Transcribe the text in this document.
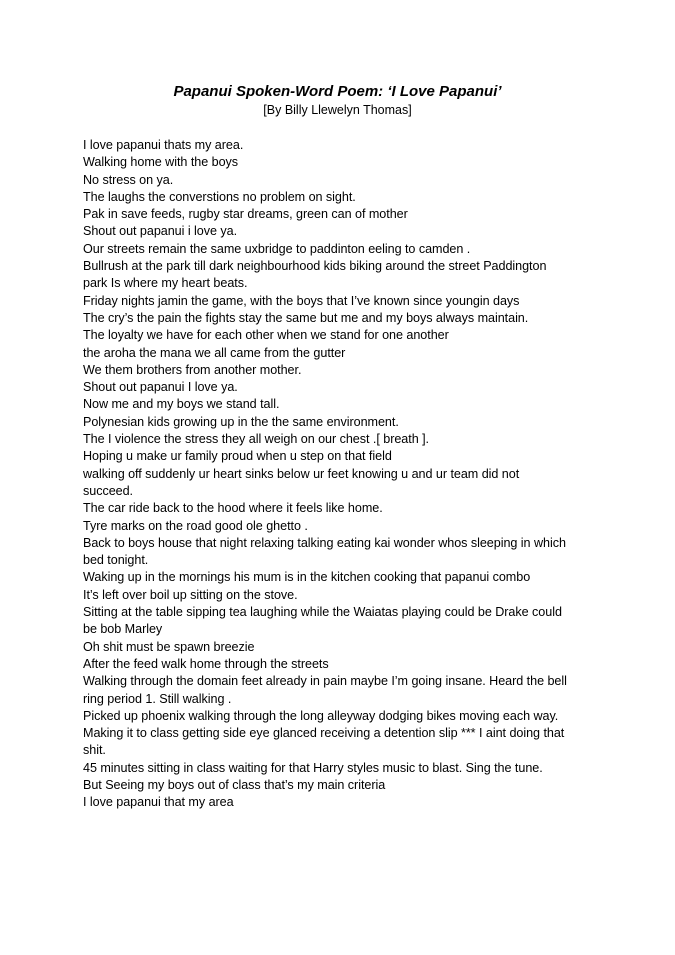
Papanui Spoken-Word Poem: ‘I Love Papanui’
[By Billy Llewelyn Thomas]
I love papanui thats my area.
Walking home with the boys
No stress on ya.
The laughs the converstions no problem on sight.
Pak in save feeds, rugby star dreams, green can of mother
Shout out papanui i love ya.
Our streets remain the same uxbridge to paddinton eeling to camden .
Bullrush at the park till dark neighbourhood kids biking around the street Paddington
park Is where my heart beats.
Friday nights jamin the game, with the boys that I’ve known since youngin days
The cry’s the pain the fights stay the same but me and my boys always maintain.
The loyalty we have for each other when we stand for one another
the aroha the mana we all came from the gutter
We them brothers from another mother.
Shout out papanui I love ya.
Now me and my boys we stand tall.
Polynesian kids growing up in the the same environment.
The I violence the stress they all weigh on our chest .[ breath ].
Hoping u make ur family proud when u step on that field
walking off suddenly ur heart sinks below ur feet knowing u and ur team did not
succeed.
The car ride back to the hood where it feels like home.
Tyre marks on the road good ole ghetto .
Back to boys house that night relaxing talking eating kai wonder whos sleeping in which
bed tonight.
Waking up in the mornings his mum is in the kitchen cooking that papanui combo
It’s left over boil up sitting on the stove.
Sitting at the table sipping tea laughing while the Waiatas playing could be Drake could
be bob Marley
Oh shit must be spawn breezie
After the feed walk home through the streets
Walking through the domain feet already in pain maybe I’m going insane. Heard the bell
ring period 1. Still walking .
Picked up phoenix walking through the long alleyway dodging bikes moving each way.
Making it to class getting side eye glanced receiving a detention slip *** I aint doing that
shit.
45 minutes sitting in class waiting for that Harry styles music to blast. Sing the tune.
But Seeing my boys out of class that’s my main criteria
I love papanui that my area
